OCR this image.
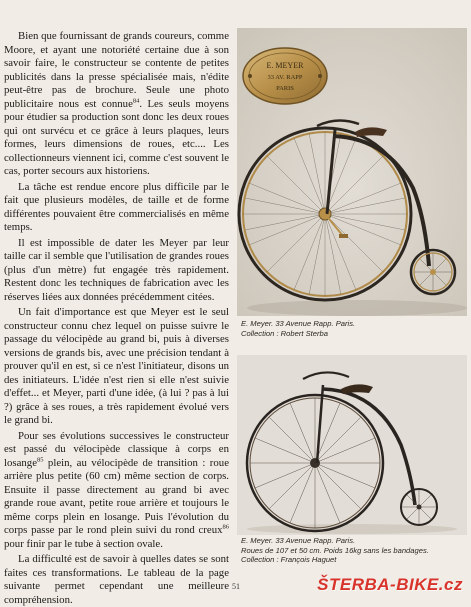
Bien que fournissant de grands coureurs, comme Moore, et ayant une notoriété certaine due à son savoir faire, le constructeur se contente de petites publicités dans la presse spécialisée mais, n'édite peut-être pas de brochure. Seule une photo publicitaire nous est connue$^{84}$. Les seuls moyens pour étudier sa production sont donc les deux roues qui ont survécu et ce grâce à leurs plaques, leurs formes, leurs dimensions de roues, etc.... Les collectionneurs viennent ici, comme c'est souvent le cas, porter secours aux historiens.

La tâche est rendue encore plus difficile par le fait que plusieurs modèles, de taille et de forme différentes pouvaient être commercialisés en même temps.

Il est impossible de dater les Meyer par leur taille car il semble que l'utilisation de grandes roues (plus d'un mètre) fut engagée très rapidement. Restent donc les techniques de fabrication avec les réserves liées aux données précédemment citées.

Un fait d'importance est que Meyer est le seul constructeur connu chez lequel on puisse suivre le passage du vélocipède au grand bi, puis à diverses versions de grands bis, avec une précision tendant à prouver qu'il en est, si ce n'est l'initiateur, disons un des initiateurs. L'idée n'est rien si elle n'est suivie d'effet... et Meyer, parti d'une idée, (à lui ? pas à lui ?) grâce à ses roues, a très rapidement évolué vers le grand bi.

Pour ses évolutions successives le constructeur est passé du vélocipède classique à corps en losange$^{85}$ plein, au vélocipède de transition : roue arrière plus petite (60 cm) même section de corps. Ensuite il passe directement au grand bi avec grande roue avant, petite roue arrière et toujours le même corps plein en losange. Puis l'évolution du corps passe par le rond plein suivi du rond creux$^{86}$ pour finir par le tube à section ovale.

La difficulté est de savoir à quelles dates se sont faites ces transformations. Le tableau de la page suivante permet cependant une meilleure compréhension.

E. MEYER
33 AV. RAPP
PARIS
E. Meyer. 33 Avenue Rapp. Paris.
Collection : Robert Sterba
E. Meyer. 33 Avenue Rapp. Paris.
Roues de 107 et 50 cm. Poids 16kg sans les bandages.
Collection : François Haguet
51	ŠTERBA-BIKE.cz
